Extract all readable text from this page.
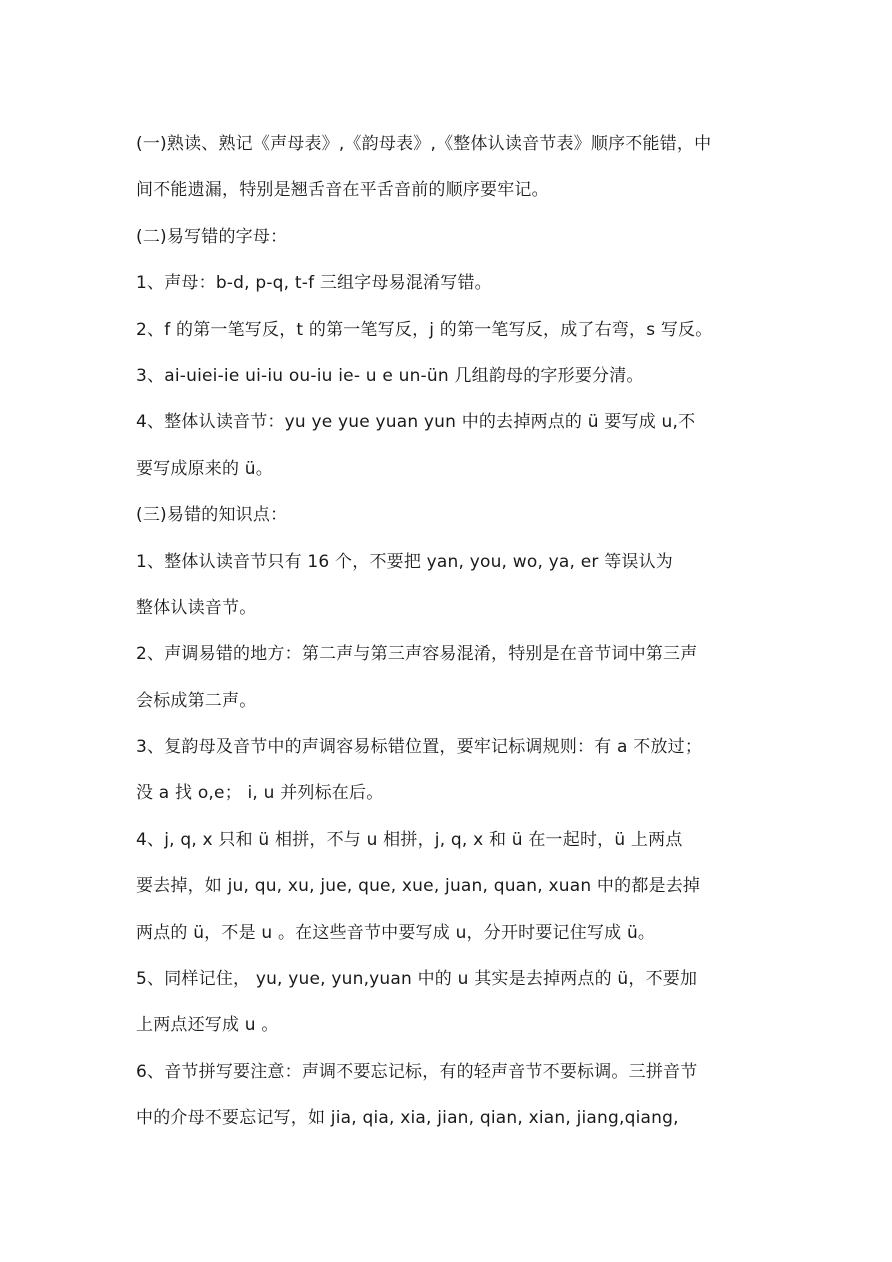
(一)熟读、熟记《声母表》,《韵母表》,《整体认读音节表》顺序不能错，中
间不能遗漏，特别是翘舌音在平舌音前的顺序要牢记。
(二)易写错的字母：
1、声母：b-d, p-q, t-f 三组字母易混淆写错。
2、f 的第一笔写反，t 的第一笔写反，j 的第一笔写反，成了右弯，s 写反。
3、ai-uiei-ie ui-iu ou-iu ie- u e un-ün 几组韵母的字形要分清。
4、整体认读音节：yu ye yue yuan yun 中的去掉两点的 ü 要写成 u,不
要写成原来的 ü。
(三)易错的知识点：
1、整体认读音节只有 16 个，不要把 yan, you, wo, ya, er 等误认为
整体认读音节。
2、声调易错的地方：第二声与第三声容易混淆，特别是在音节词中第三声
会标成第二声。
3、复韵母及音节中的声调容易标错位置，要牢记标调规则：有 a 不放过；
没 a 找 o,e； i, u 并列标在后。
4、j, q, x 只和 ü 相拼，不与 u 相拼，j, q, x 和 ü 在一起时，ü 上两点
要去掉，如 ju, qu, xu, jue, que, xue, juan, quan, xuan 中的都是去掉
两点的 ü，不是 u 。在这些音节中要写成 u，分开时要记住写成 ü。
5、同样记住， yu, yue, yun,yuan 中的 u 其实是去掉两点的 ü，不要加
上两点还写成 u 。
6、音节拼写要注意：声调不要忘记标，有的轻声音节不要标调。三拼音节
中的介母不要忘记写，如 jia, qia, xia, jian, qian, xian, jiang,qiang,
